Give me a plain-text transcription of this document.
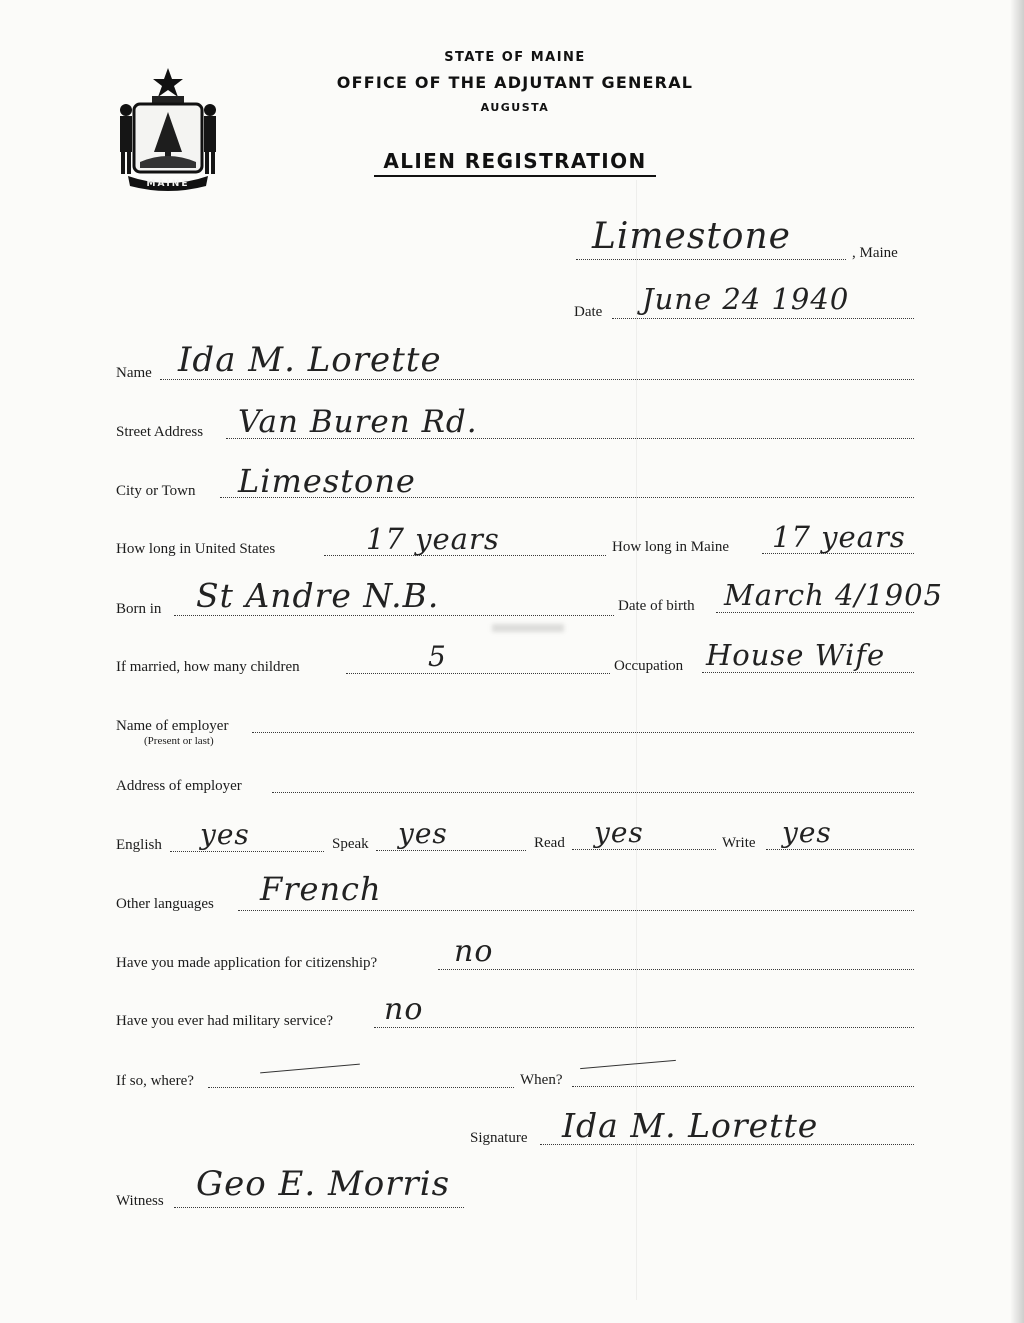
MAINE
STATE OF MAINE
OFFICE OF THE ADJUTANT GENERAL
AUGUSTA
ALIEN REGISTRATION
Limestone	, Maine
Date June 24 1940
Name Ida M. Lorette
Street Address Van Buren Rd.
City or Town Limestone
How long in United States	17 years	How long in Maine 17 years
Born in St Andre N.B.	Date of birth March 4/1905
If married, how many children	5	Occupation House Wife
Name of employer
(Present or last)
Address of employer
English yes	Speak yes	Read yes	Write yes
Other languages French
Have you made application for citizenship?	no
Have you ever had military service? no
If so, where?	When?
Signature Ida M. Lorette
Witness Geo E. Morris
